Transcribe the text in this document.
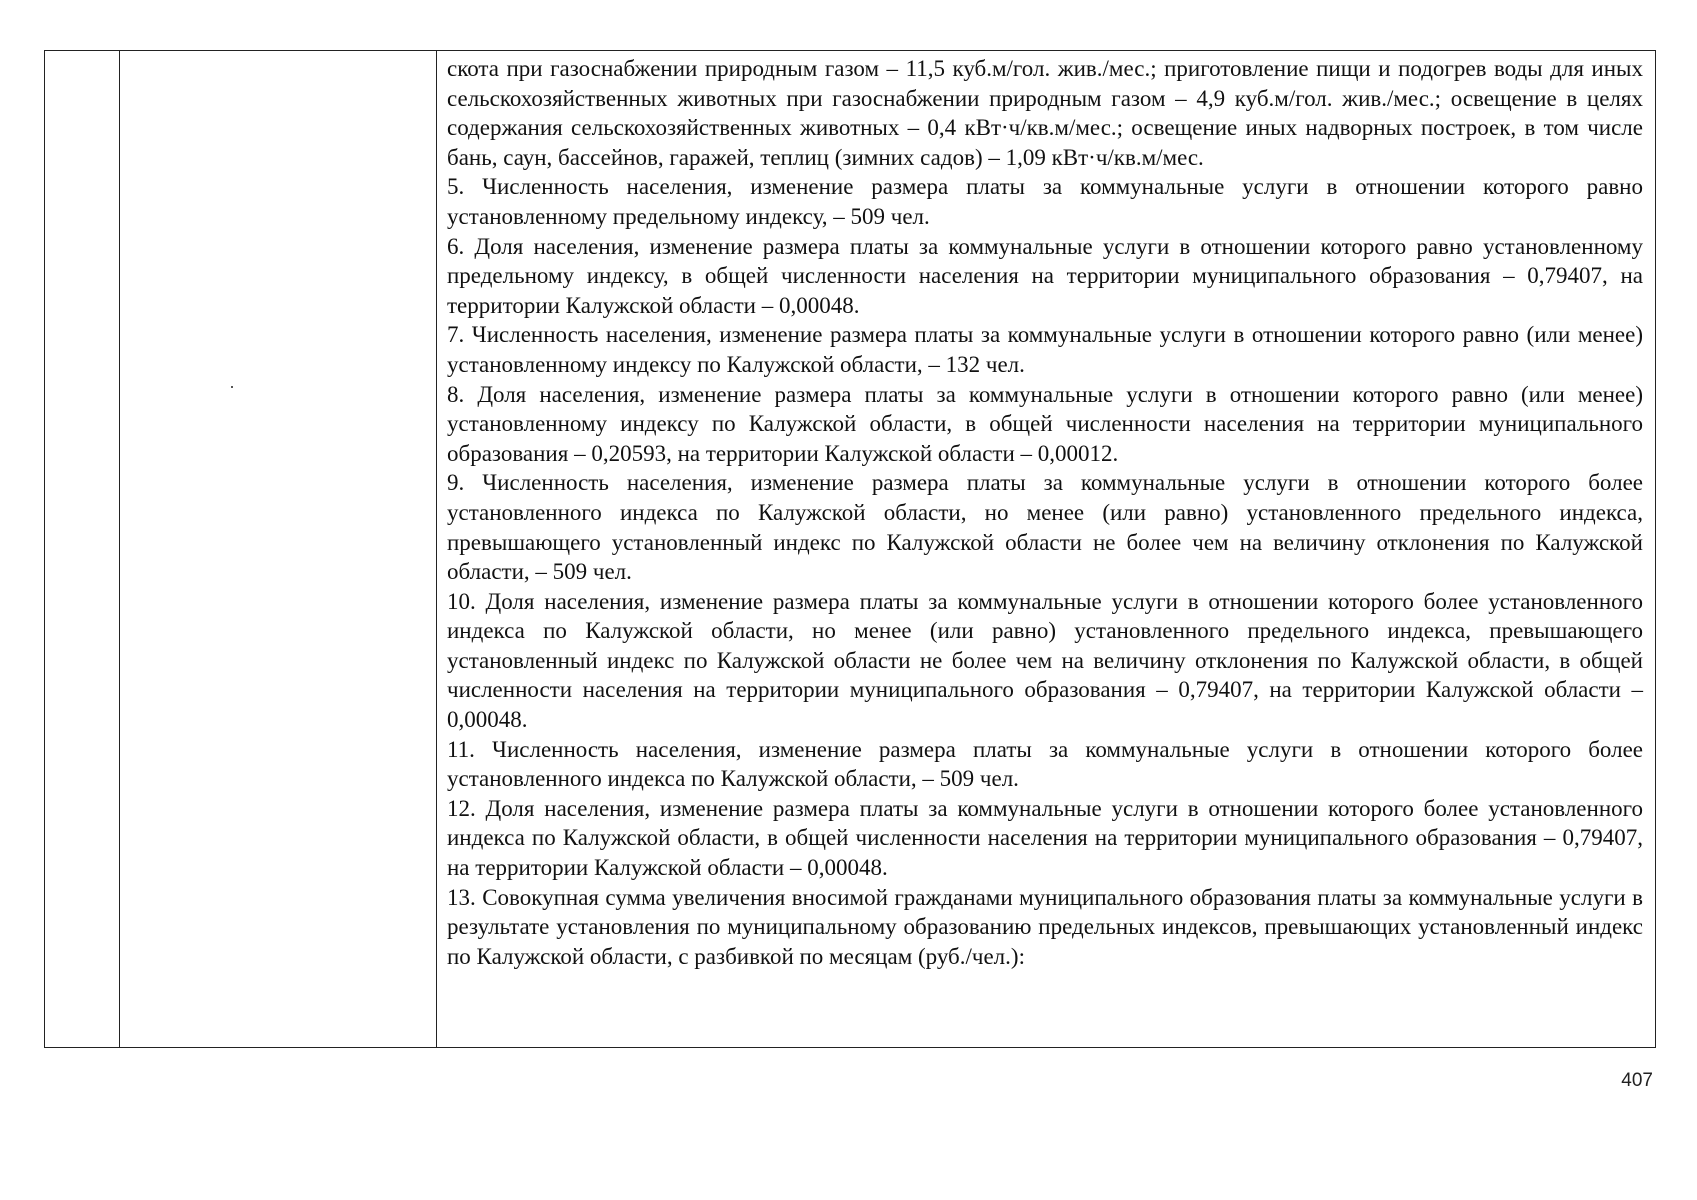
скота при газоснабжении природным газом – 11,5 куб.м/гол. жив./мес.; приготовление пищи и подогрев воды для иных сельскохозяйственных животных при газоснабжении природным газом – 4,9 куб.м/гол. жив./мес.; освещение в целях содержания сельскохозяйственных животных – 0,4 кВт·ч/кв.м/мес.; освещение иных надворных построек, в том числе бань, саун, бассейнов, гаражей, теплиц (зимних садов) – 1,09 кВт·ч/кв.м/мес.

5. Численность населения, изменение размера платы за коммунальные услуги в отношении которого равно установленному предельному индексу, – 509 чел.

6. Доля населения, изменение размера платы за коммунальные услуги в отношении которого равно установленному предельному индексу, в общей численности населения на территории муниципального образования – 0,79407, на территории Калужской области – 0,00048.

7. Численность населения, изменение размера платы за коммунальные услуги в отношении которого равно (или менее) установленному индексу по Калужской области, – 132 чел.

8. Доля населения, изменение размера платы за коммунальные услуги в отношении которого равно (или менее) установленному индексу по Калужской области, в общей численности населения на территории муниципального образования – 0,20593, на территории Калужской области – 0,00012.

9. Численность населения, изменение размера платы за коммунальные услуги в отношении которого более установленного индекса по Калужской области, но менее (или равно) установленного предельного индекса, превышающего установленный индекс по Калужской области не более чем на величину отклонения по Калужской области, – 509 чел.

10. Доля населения, изменение размера платы за коммунальные услуги в отношении которого более установленного индекса по Калужской области, но менее (или равно) установленного предельного индекса, превышающего установленный индекс по Калужской области не более чем на величину отклонения по Калужской области, в общей численности населения на территории муниципального образования – 0,79407, на территории Калужской области – 0,00048.

11. Численность населения, изменение размера платы за коммунальные услуги в отношении которого более установленного индекса по Калужской области, – 509 чел.

12. Доля населения, изменение размера платы за коммунальные услуги в отношении которого более установленного индекса по Калужской области, в общей численности населения на территории муниципального образования – 0,79407, на территории Калужской области – 0,00048.

13. Совокупная сумма увеличения вносимой гражданами муниципального образования платы за коммунальные услуги в результате установления по муниципальному образованию предельных индексов, превышающих установленный индекс по Калужской области, с разбивкой по месяцам (руб./чел.):

407
